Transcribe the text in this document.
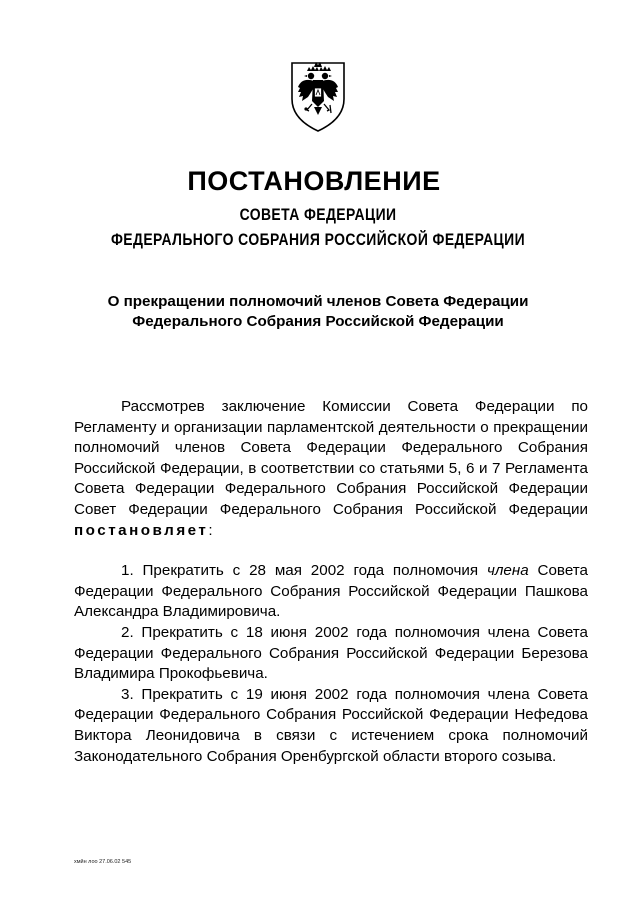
ПОСТАНОВЛЕНИЕ
СОВЕТА ФЕДЕРАЦИИ
ФЕДЕРАЛЬНОГО СОБРАНИЯ РОССИЙСКОЙ ФЕДЕРАЦИИ
О прекращении полномочий членов Совета Федерации
Федерального Собрания Российской Федерации

Рассмотрев заключение Комиссии Совета Федерации по Регламенту и организации парламентской деятельности о прекращении полномочий членов Совета Федерации Федерального Собрания Российской Федерации, в соответствии со статьями 5, 6 и 7 Регламента Совета Федерации Федерального Собрания Российской Федерации Совет Федерации Федерального Собрания Российской Федерации постановляет:

1. Прекратить с 28 мая 2002 года полномочия члена Совета Федерации Федерального Собрания Российской Федерации Пашкова Александра Владимировича.

2. Прекратить с 18 июня 2002 года полномочия члена Совета Федерации Федерального Собрания Российской Федерации Березова Владимира Прокофьевича.

3. Прекратить с 19 июня 2002 года полномочия члена Совета Федерации Федерального Собрания Российской Федерации Нефедова Виктора Леонидовича в связи с истечением срока полномочий Законодательного Собрания Оренбургской области второго созыва.

хмйн лоо 27.06.02 545
